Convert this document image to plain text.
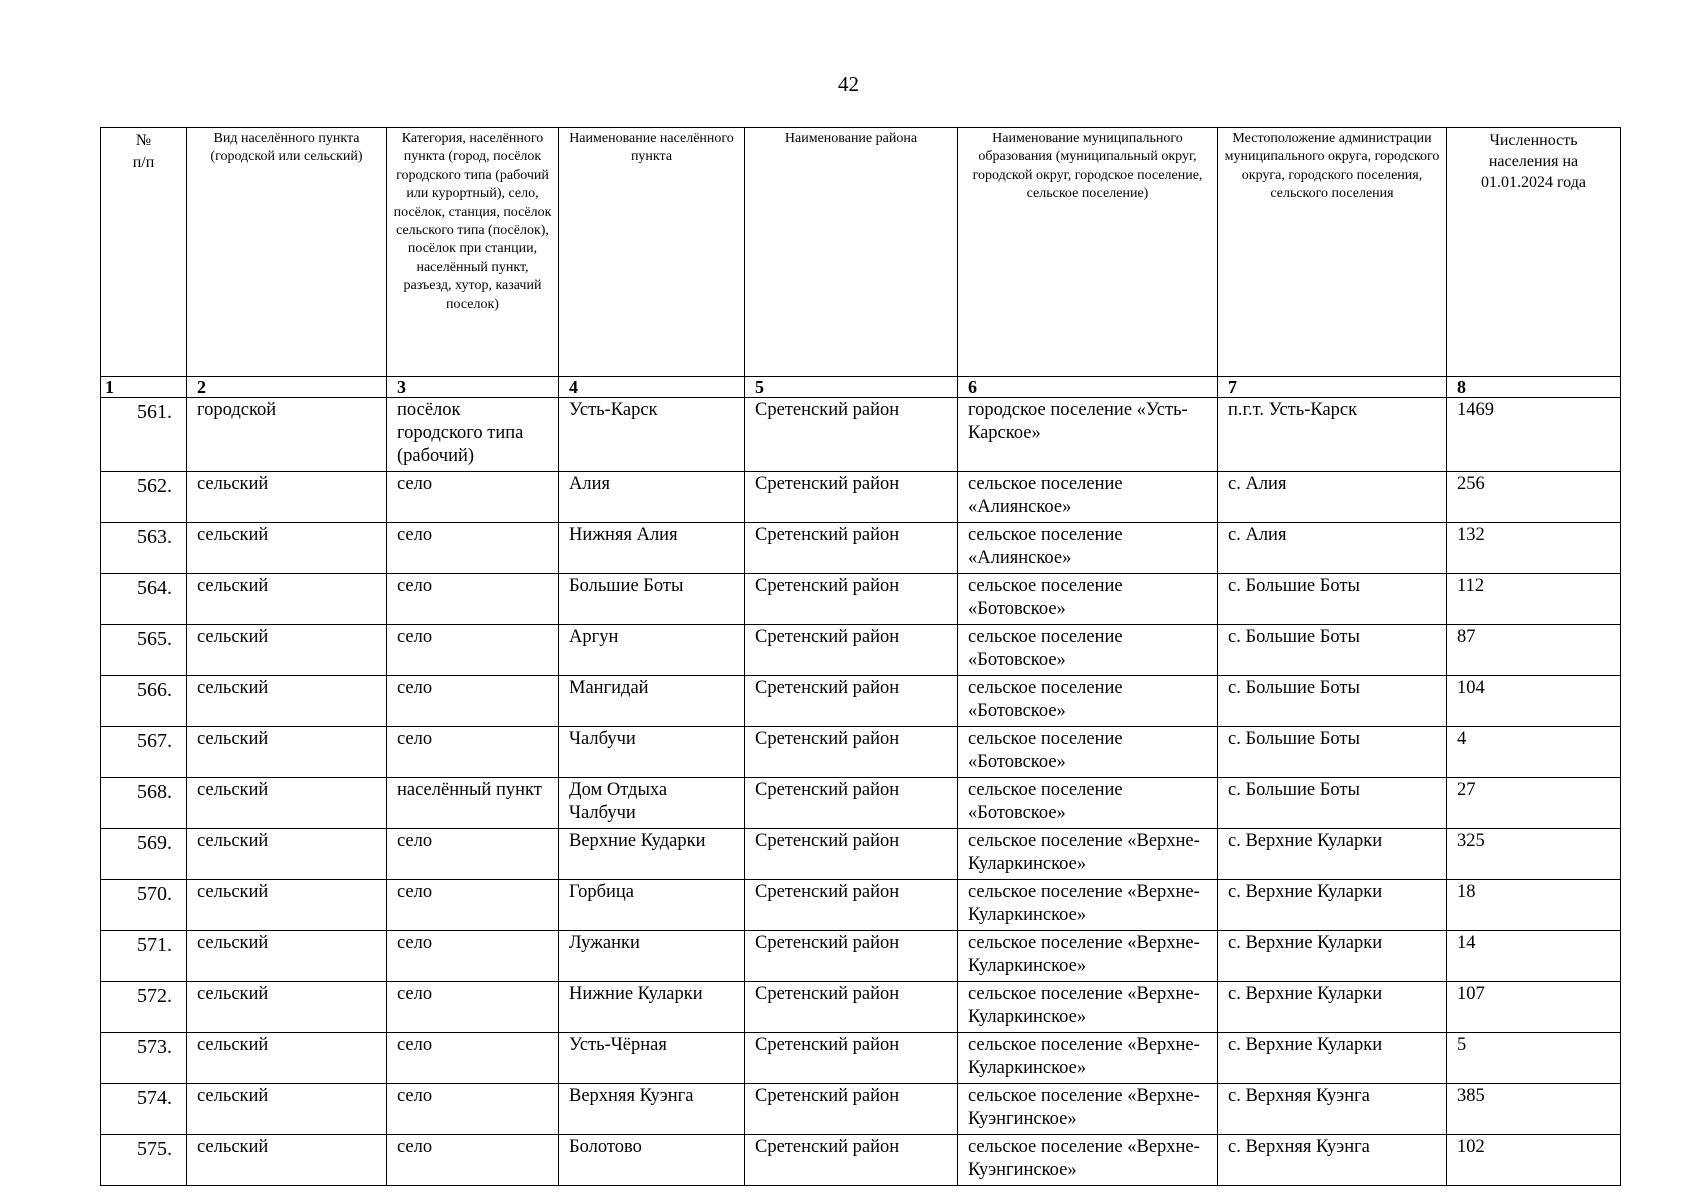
42
№
п/п	Вид населённого пункта (городской или сельский)	Категория, населённого пункта (город, посёлок городского типа (рабочий или курортный), село, посёлок, станция, посёлок сельского типа (посёлок), посёлок при станции, населённый пункт, разъезд, хутор, казачий поселок)	Наименование населённого пункта	Наименование района	Наименование муниципального образования (муниципальный округ, городской округ, городское поселение, сельское поселение)	Местоположение администрации муниципального округа, городского округа, городского поселения, сельского поселения	Численность населения на 01.01.2024 года
1	2	3	4	5	6	7	8
561.	городской	посёлок городского типа (рабочий)	Усть-Карск	Сретенский район	городское поселение «Усть-Карское»	п.г.т. Усть-Карск	1469
562.	сельский	село	Алия	Сретенский район	сельское поселение «Алиянское»	с. Алия	256
563.	сельский	село	Нижняя Алия	Сретенский район	сельское поселение «Алиянское»	с. Алия	132
564.	сельский	село	Большие Боты	Сретенский район	сельское поселение «Ботовское»	с. Большие Боты	112
565.	сельский	село	Аргун	Сретенский район	сельское поселение «Ботовское»	с. Большие Боты	87
566.	сельский	село	Мангидай	Сретенский район	сельское поселение «Ботовское»	с. Большие Боты	104
567.	сельский	село	Чалбучи	Сретенский район	сельское поселение «Ботовское»	с. Большие Боты	4
568.	сельский	населённый пункт	Дом Отдыха Чалбучи	Сретенский район	сельское поселение «Ботовское»	с. Большие Боты	27
569.	сельский	село	Верхние Кударки	Сретенский район	сельское поселение «Верхне-Куларкинское»	с. Верхние Куларки	325
570.	сельский	село	Горбица	Сретенский район	сельское поселение «Верхне-Куларкинское»	с. Верхние Куларки	18
571.	сельский	село	Лужанки	Сретенский район	сельское поселение «Верхне-Куларкинское»	с. Верхние Куларки	14
572.	сельский	село	Нижние Куларки	Сретенский район	сельское поселение «Верхне-Куларкинское»	с. Верхние Куларки	107
573.	сельский	село	Усть-Чёрная	Сретенский район	сельское поселение «Верхне-Куларкинское»	с. Верхние Куларки	5
574.	сельский	село	Верхняя Куэнга	Сретенский район	сельское поселение «Верхне-Куэнгинское»	с. Верхняя Куэнга	385
575.	сельский	село	Болотово	Сретенский район	сельское поселение «Верхне-Куэнгинское»	с. Верхняя Куэнга	102
